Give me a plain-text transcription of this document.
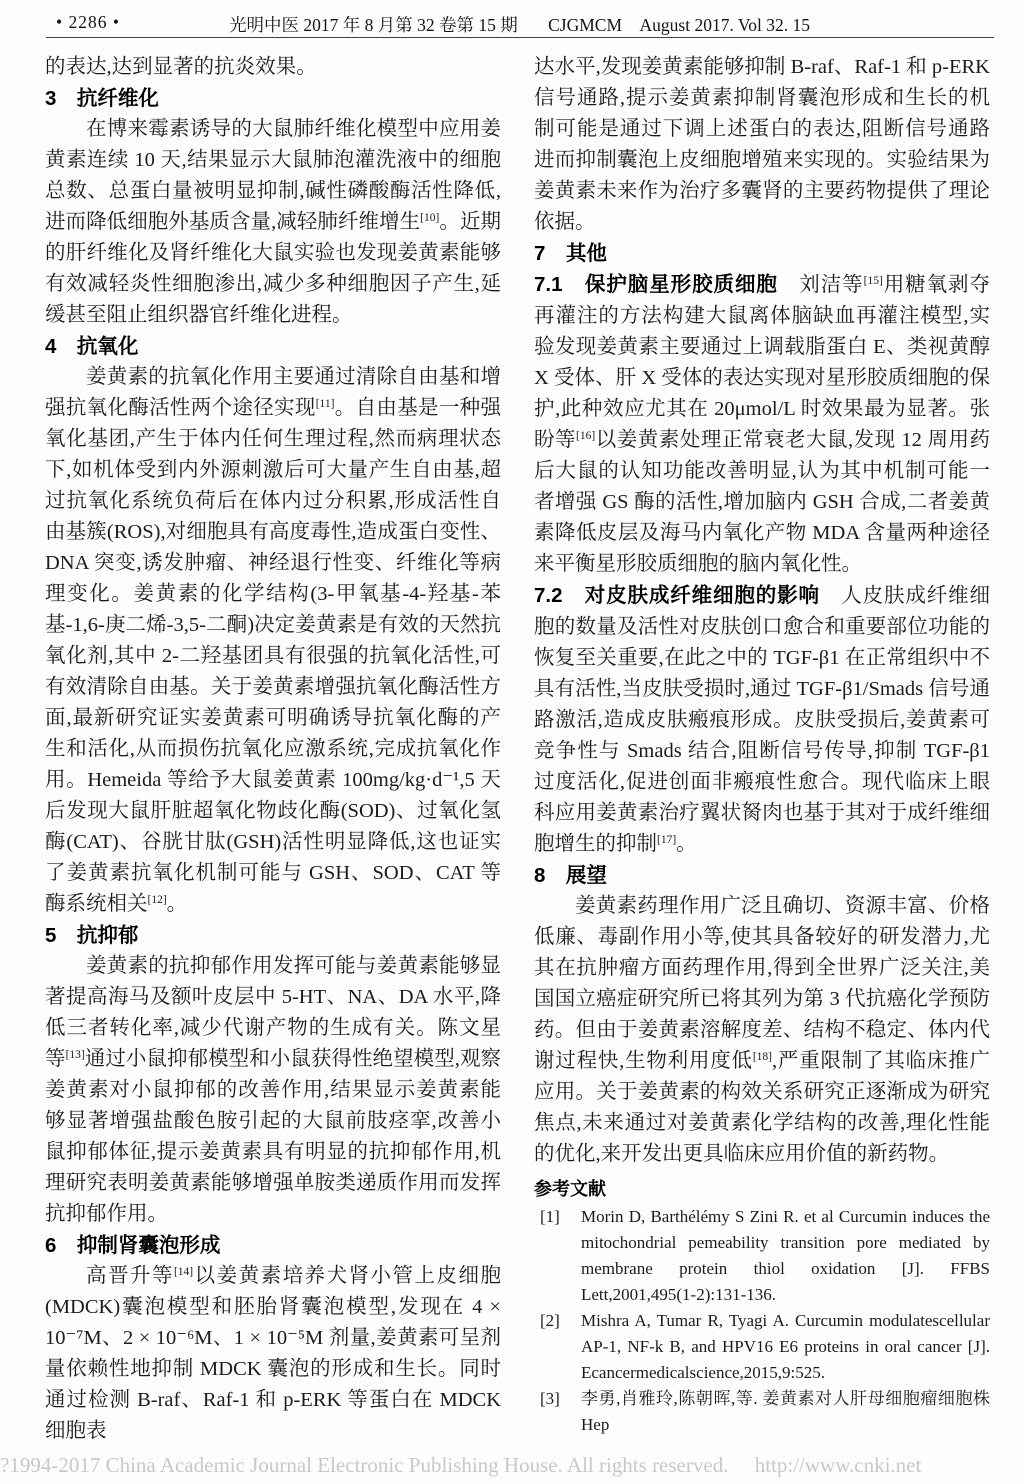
• 2286 •	光明中医 2017 年 8 月第 32 卷第 15 期 CJGMCM　August 2017. Vol 32. 15

的表达,达到显著的抗炎效果。

3　抗纤维化

在博来霉素诱导的大鼠肺纤维化模型中应用姜黄素连续 10 天,结果显示大鼠肺泡灌洗液中的细胞总数、总蛋白量被明显抑制,碱性磷酸酶活性降低,进而降低细胞外基质含量,减轻肺纤维增生[10]。近期的肝纤维化及肾纤维化大鼠实验也发现姜黄素能够有效减轻炎性细胞渗出,减少多种细胞因子产生,延缓甚至阻止组织器官纤维化进程。

4　抗氧化

姜黄素的抗氧化作用主要通过清除自由基和增强抗氧化酶活性两个途径实现[11]。自由基是一种强氧化基团,产生于体内任何生理过程,然而病理状态下,如机体受到内外源刺激后可大量产生自由基,超过抗氧化系统负荷后在体内过分积累,形成活性自由基簇(ROS),对细胞具有高度毒性,造成蛋白变性、DNA 突变,诱发肿瘤、神经退行性变、纤维化等病理变化。姜黄素的化学结构(3-甲氧基-4-羟基-苯基-1,6-庚二烯-3,5-二酮)决定姜黄素是有效的天然抗氧化剂,其中 2-二羟基团具有很强的抗氧化活性,可有效清除自由基。关于姜黄素增强抗氧化酶活性方面,最新研究证实姜黄素可明确诱导抗氧化酶的产生和活化,从而损伤抗氧化应激系统,完成抗氧化作用。Hemeida 等给予大鼠姜黄素 100mg/kg·d⁻¹,5 天后发现大鼠肝脏超氧化物歧化酶(SOD)、过氧化氢酶(CAT)、谷胱甘肽(GSH)活性明显降低,这也证实了姜黄素抗氧化机制可能与 GSH、SOD、CAT 等酶系统相关[12]。

5　抗抑郁

姜黄素的抗抑郁作用发挥可能与姜黄素能够显著提高海马及额叶皮层中 5-HT、NA、DA 水平,降低三者转化率,减少代谢产物的生成有关。陈文星等[13]通过小鼠抑郁模型和小鼠获得性绝望模型,观察姜黄素对小鼠抑郁的改善作用,结果显示姜黄素能够显著增强盐酸色胺引起的大鼠前肢痉挛,改善小鼠抑郁体征,提示姜黄素具有明显的抗抑郁作用,机理研究表明姜黄素能够增强单胺类递质作用而发挥抗抑郁作用。

6　抑制肾囊泡形成

高晋升等[14]以姜黄素培养犬肾小管上皮细胞(MDCK)囊泡模型和胚胎肾囊泡模型,发现在 4 × 10⁻⁷M、2 × 10⁻⁶M、1 × 10⁻⁵M 剂量,姜黄素可呈剂量依赖性地抑制 MDCK 囊泡的形成和生长。同时通过检测 B-raf、Raf-1 和 p-ERK 等蛋白在 MDCK 细胞表

达水平,发现姜黄素能够抑制 B-raf、Raf-1 和 p-ERK 信号通路,提示姜黄素抑制肾囊泡形成和生长的机制可能是通过下调上述蛋白的表达,阻断信号通路进而抑制囊泡上皮细胞增殖来实现的。实验结果为姜黄素未来作为治疗多囊肾的主要药物提供了理论依据。

7　其他

7.1　保护脑星形胶质细胞　刘洁等[15]用糖氧剥夺再灌注的方法构建大鼠离体脑缺血再灌注模型,实验发现姜黄素主要通过上调载脂蛋白 E、类视黄醇 X 受体、肝 X 受体的表达实现对星形胶质细胞的保护,此种效应尤其在 20μmol/L 时效果最为显著。张盼等[16]以姜黄素处理正常衰老大鼠,发现 12 周用药后大鼠的认知功能改善明显,认为其中机制可能一者增强 GS 酶的活性,增加脑内 GSH 合成,二者姜黄素降低皮层及海马内氧化产物 MDA 含量两种途径来平衡星形胶质细胞的脑内氧化性。

7.2　对皮肤成纤维细胞的影响　人皮肤成纤维细胞的数量及活性对皮肤创口愈合和重要部位功能的恢复至关重要,在此之中的 TGF-β1 在正常组织中不具有活性,当皮肤受损时,通过 TGF-β1/Smads 信号通路激活,造成皮肤瘢痕形成。皮肤受损后,姜黄素可竞争性与 Smads 结合,阻断信号传导,抑制 TGF-β1 过度活化,促进创面非瘢痕性愈合。现代临床上眼科应用姜黄素治疗翼状胬肉也基于其对于成纤维细胞增生的抑制[17]。

8　展望

姜黄素药理作用广泛且确切、资源丰富、价格低廉、毒副作用小等,使其具备较好的研发潜力,尤其在抗肿瘤方面药理作用,得到全世界广泛关注,美国国立癌症研究所已将其列为第 3 代抗癌化学预防药。但由于姜黄素溶解度差、结构不稳定、体内代谢过程快,生物利用度低[18],严重限制了其临床推广应用。关于姜黄素的构效关系研究正逐渐成为研究焦点,未来通过对姜黄素化学结构的改善,理化性能的优化,来开发出更具临床应用价值的新药物。

参考文献
[1] Morin D, Barthélémy S Zini R. et al Curcumin induces the mitochondrial pemeability transition pore mediated by membrane protein thiol oxidation [J]. FFBS Lett,2001,495(1-2):131-136.
[2] Mishra A, Tumar R, Tyagi A. Curcumin modulatescellular AP-1, NF-k B, and HPV16 E6 proteins in oral cancer [J]. Ecancermedicalscience,2015,9:525.
[3] 李勇,肖雅玲,陈朝晖,等. 姜黄素对人肝母细胞瘤细胞株 Hep
?1994-2017 China Academic Journal Electronic Publishing House. All rights reserved.     http://www.cnki.net
